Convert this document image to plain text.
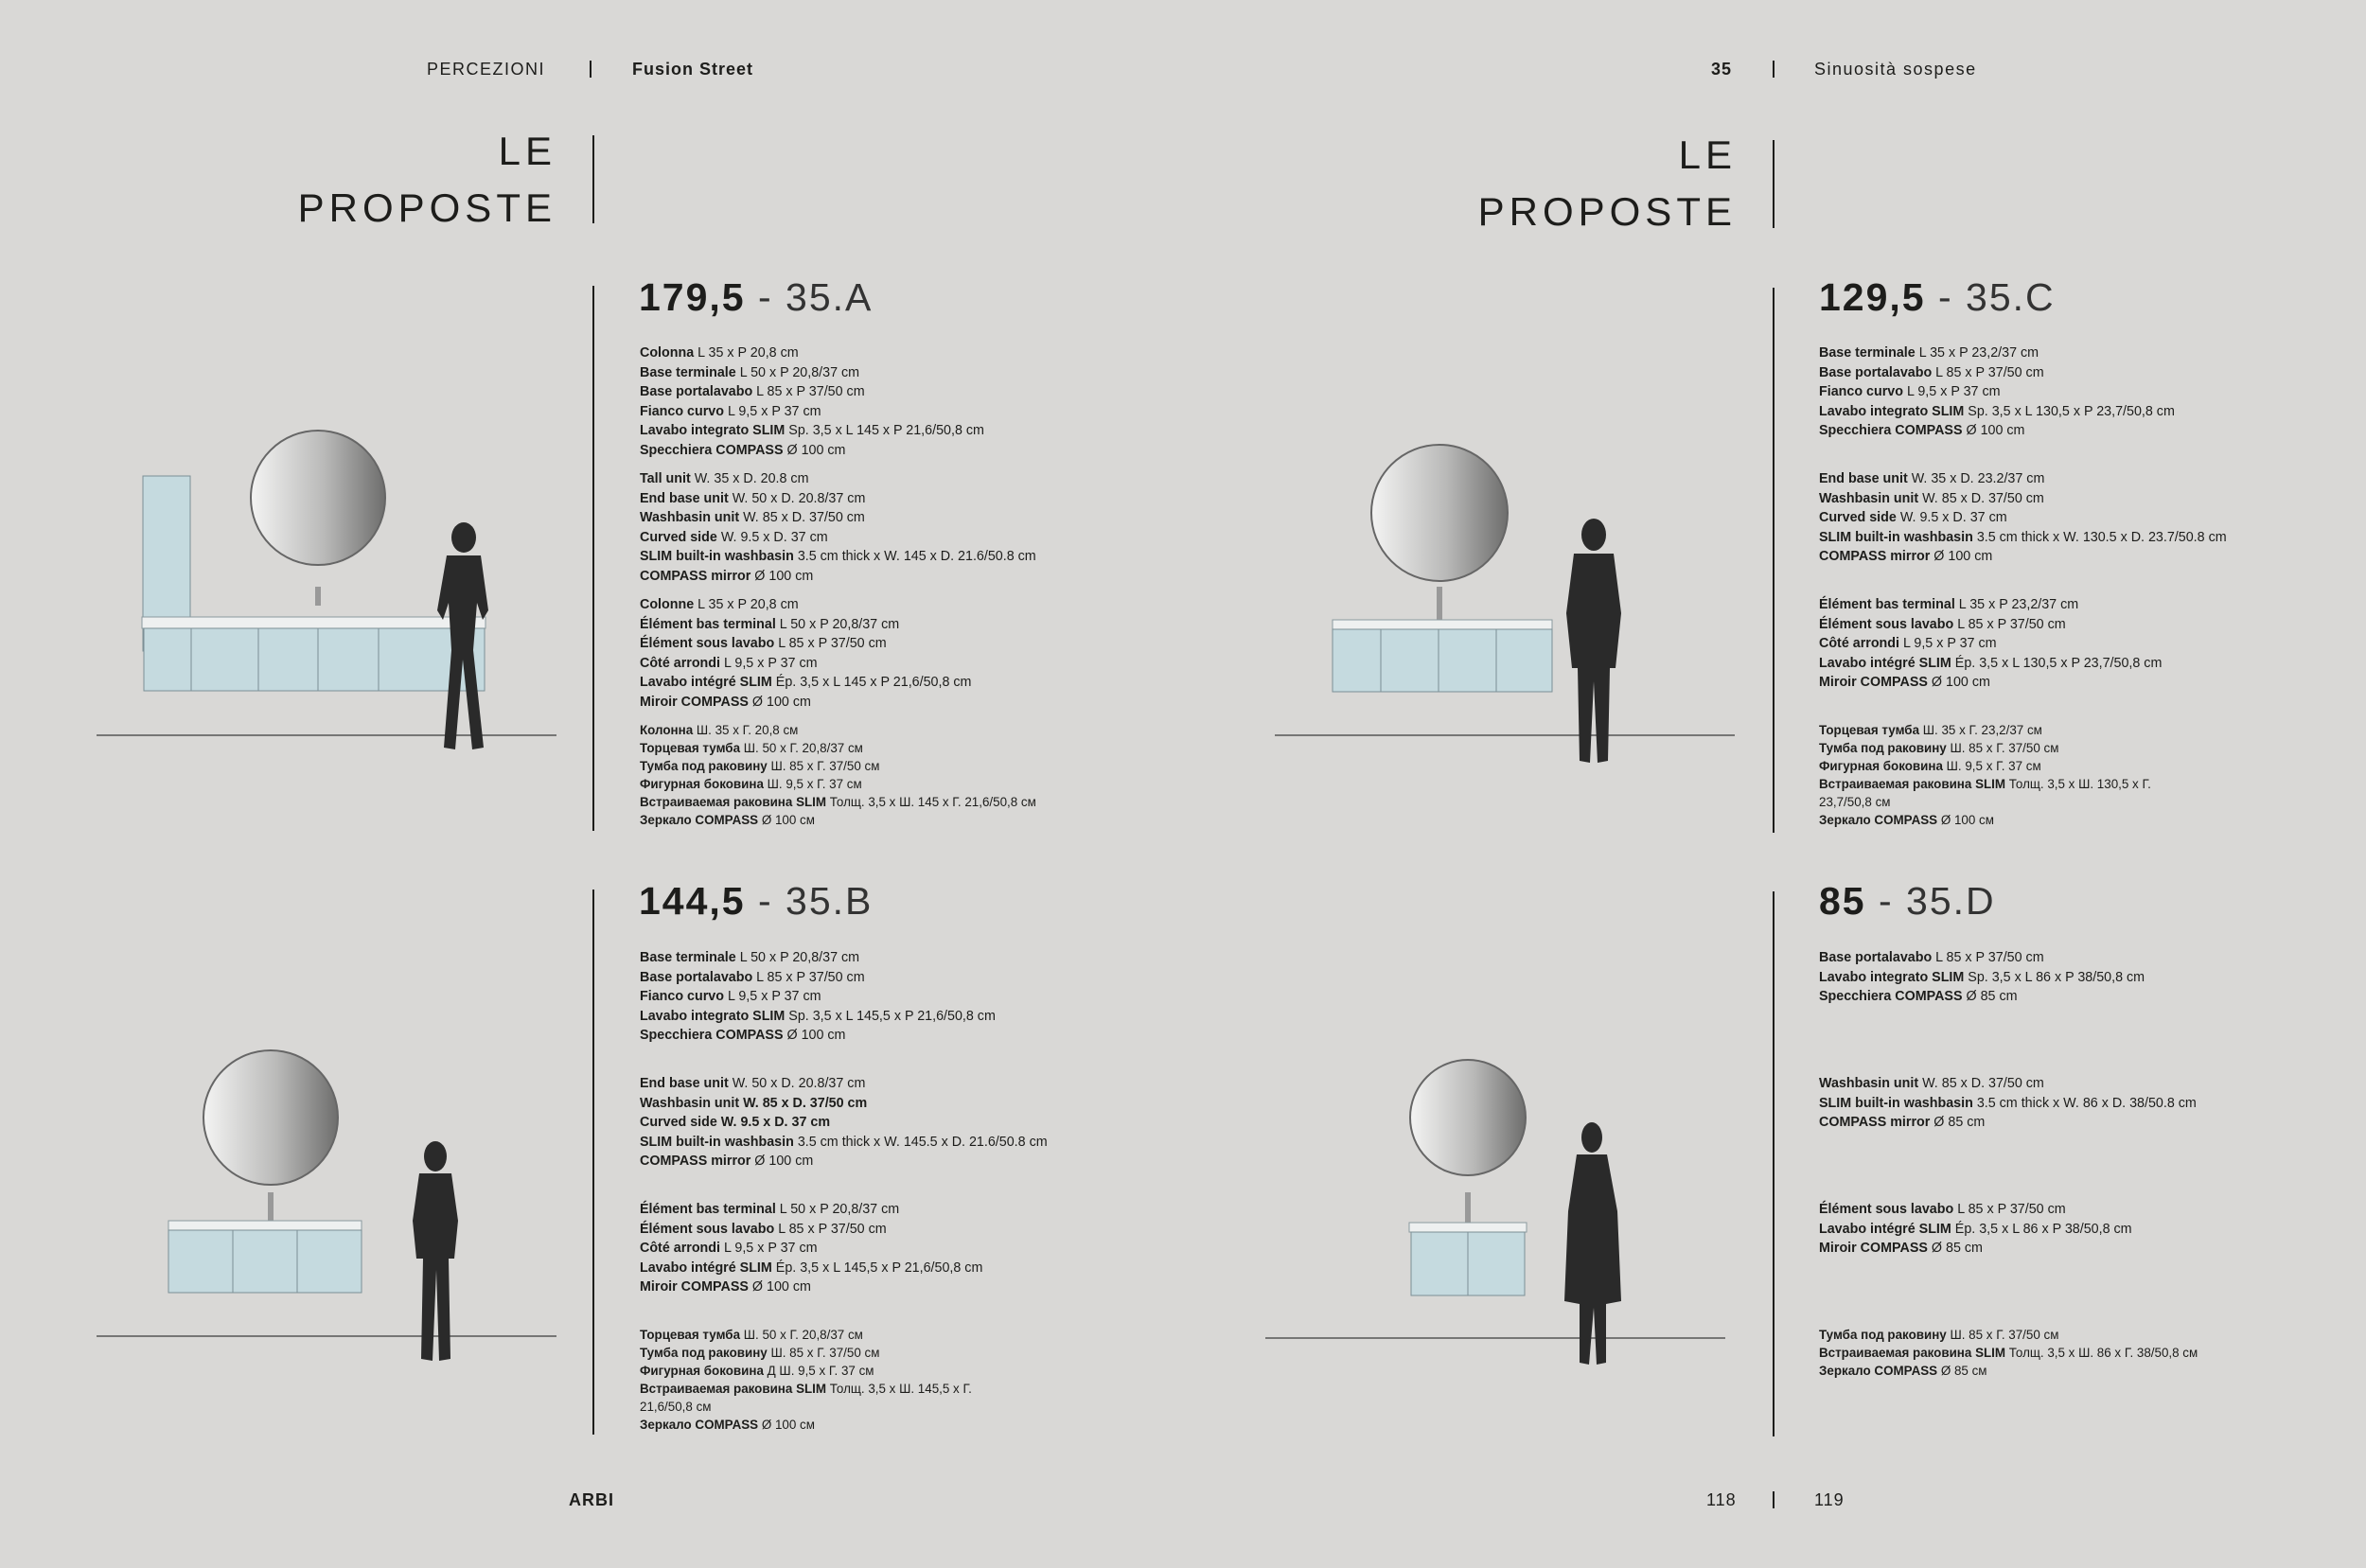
PERCEZIONI	Fusion Street	35	Sinuosità sospese
LE
PROPOSTE
LE
PROPOSTE
179,5 - 35.A
144,5 - 35.B
129,5 - 35.C
85 - 35.D
Colonna L 35 x P 20,8 cm
Base terminale L 50 x P 20,8/37 cm
Base portalavabo L 85 x P 37/50 cm
Fianco curvo L 9,5 x P 37 cm
Lavabo integrato SLIM Sp. 3,5 x L 145 x P 21,6/50,8 cm
Specchiera COMPASS Ø 100 cm
Tall unit W. 35 x D. 20.8 cm
End base unit W. 50 x D. 20.8/37 cm
Washbasin unit W. 85 x D. 37/50 cm
Curved side W. 9.5 x D. 37 cm
SLIM built-in washbasin 3.5 cm thick x W. 145 x D. 21.6/50.8 cm
COMPASS mirror Ø 100 cm
Colonne L 35 x P 20,8 cm
Élément bas terminal L 50 x P 20,8/37 cm
Élément sous lavabo L 85 x P 37/50 cm
Côté arrondi L 9,5 x P 37 cm
Lavabo intégré SLIM Ép. 3,5 x L 145 x P 21,6/50,8 cm
Miroir COMPASS Ø 100 cm
Колонна Ш. 35 x Г. 20,8 см
Торцевая тумба Ш. 50 x Г. 20,8/37 см
Тумба под раковину Ш. 85 x Г. 37/50 см
Фигурная боковина Ш. 9,5 x Г. 37 см
Встраиваемая раковина SLIM Толщ. 3,5 x Ш. 145 x Г. 21,6/50,8 см
Зеркало COMPASS Ø 100 см
Base terminale L 50 x P 20,8/37 cm
Base portalavabo L 85 x P 37/50 cm
Fianco curvo L 9,5 x P 37 cm
Lavabo integrato SLIM Sp. 3,5 x L 145,5 x P 21,6/50,8 cm
Specchiera COMPASS Ø 100 cm
End base unit W. 50 x D. 20.8/37 cm
Washbasin unit W. 85 x D. 37/50 cm
Curved side W. 9.5 x D. 37 cm
SLIM built-in washbasin 3.5 cm thick x W. 145.5 x D. 21.6/50.8 cm
COMPASS mirror Ø 100 cm
Élément bas terminal L 50 x P 20,8/37 cm
Élément sous lavabo L 85 x P 37/50 cm
Côté arrondi L 9,5 x P 37 cm
Lavabo intégré SLIM Ép. 3,5 x L 145,5 x P 21,6/50,8 cm
Miroir COMPASS Ø 100 cm
Торцевая тумба Ш. 50 x Г. 20,8/37 см
Тумба под раковину Ш. 85 x Г. 37/50 см
Фигурная боковина Д Ш. 9,5 x Г. 37 см
Встраиваемая раковина SLIM Толщ. 3,5 x Ш. 145,5 x Г.
21,6/50,8 см
Зеркало COMPASS Ø 100 см
Base terminale L 35 x P 23,2/37 cm
Base portalavabo L 85 x P 37/50 cm
Fianco curvo L 9,5 x P 37 cm
Lavabo integrato SLIM Sp. 3,5 x L 130,5 x P 23,7/50,8 cm
Specchiera COMPASS Ø 100 cm
End base unit W. 35 x D. 23.2/37 cm
Washbasin unit W. 85 x D. 37/50 cm
Curved side W. 9.5 x D. 37 cm
SLIM built-in washbasin 3.5 cm thick x W. 130.5 x D. 23.7/50.8 cm
COMPASS mirror Ø 100 cm
Élément bas terminal L 35 x P 23,2/37 cm
Élément sous lavabo L 85 x P 37/50 cm
Côté arrondi L 9,5 x P 37 cm
Lavabo intégré SLIM Ép. 3,5 x L 130,5 x P 23,7/50,8 cm
Miroir COMPASS Ø 100 cm
Торцевая тумба Ш. 35 x Г. 23,2/37 см
Тумба под раковину Ш. 85 x Г. 37/50 см
Фигурная боковина Ш. 9,5 x Г. 37 см
Встраиваемая раковина SLIM Толщ. 3,5 x Ш. 130,5 x Г.
23,7/50,8 см
Зеркало COMPASS Ø 100 см
Base portalavabo L 85 x P 37/50 cm
Lavabo integrato SLIM Sp. 3,5 x L 86 x P 38/50,8 cm
Specchiera COMPASS Ø 85 cm
Washbasin unit W. 85 x D. 37/50 cm
SLIM built-in washbasin 3.5 cm thick x W. 86 x D. 38/50.8 cm
COMPASS mirror Ø 85 cm
Élément sous lavabo L 85 x P 37/50 cm
Lavabo intégré SLIM Ép. 3,5 x L 86 x P 38/50,8 cm
Miroir COMPASS Ø 85 cm
Тумба под раковину Ш. 85 x Г. 37/50 см
Встраиваемая раковина SLIM Толщ. 3,5 x Ш. 86 x Г. 38/50,8 см
Зеркало COMPASS Ø 85 см
ARBI	118	119
